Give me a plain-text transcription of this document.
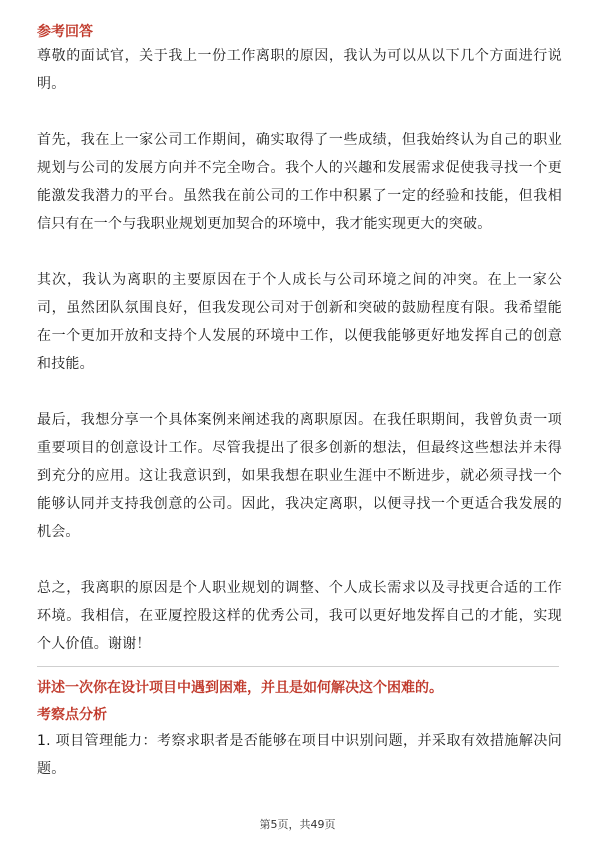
参考回答

尊敬的面试官，关于我上一份工作离职的原因，我认为可以从以下几个方面进行说明。

首先，我在上一家公司工作期间，确实取得了一些成绩，但我始终认为自己的职业规划与公司的发展方向并不完全吻合。我个人的兴趣和发展需求促使我寻找一个更能激发我潜力的平台。虽然我在前公司的工作中积累了一定的经验和技能，但我相信只有在一个与我职业规划更加契合的环境中，我才能实现更大的突破。

其次，我认为离职的主要原因在于个人成长与公司环境之间的冲突。在上一家公司，虽然团队氛围良好，但我发现公司对于创新和突破的鼓励程度有限。我希望能在一个更加开放和支持个人发展的环境中工作，以便我能够更好地发挥自己的创意和技能。

最后，我想分享一个具体案例来阐述我的离职原因。在我任职期间，我曾负责一项重要项目的创意设计工作。尽管我提出了很多创新的想法，但最终这些想法并未得到充分的应用。这让我意识到，如果我想在职业生涯中不断进步，就必须寻找一个能够认同并支持我创意的公司。因此，我决定离职，以便寻找一个更适合我发展的机会。

总之，我离职的原因是个人职业规划的调整、个人成长需求以及寻找更合适的工作环境。我相信，在亚厦控股这样的优秀公司，我可以更好地发挥自己的才能，实现个人价值。谢谢！

讲述一次你在设计项目中遇到困难，并且是如何解决这个困难的。

考察点分析

1. 项目管理能力：考察求职者是否能够在项目中识别问题，并采取有效措施解决问题。

第5页，共49页
